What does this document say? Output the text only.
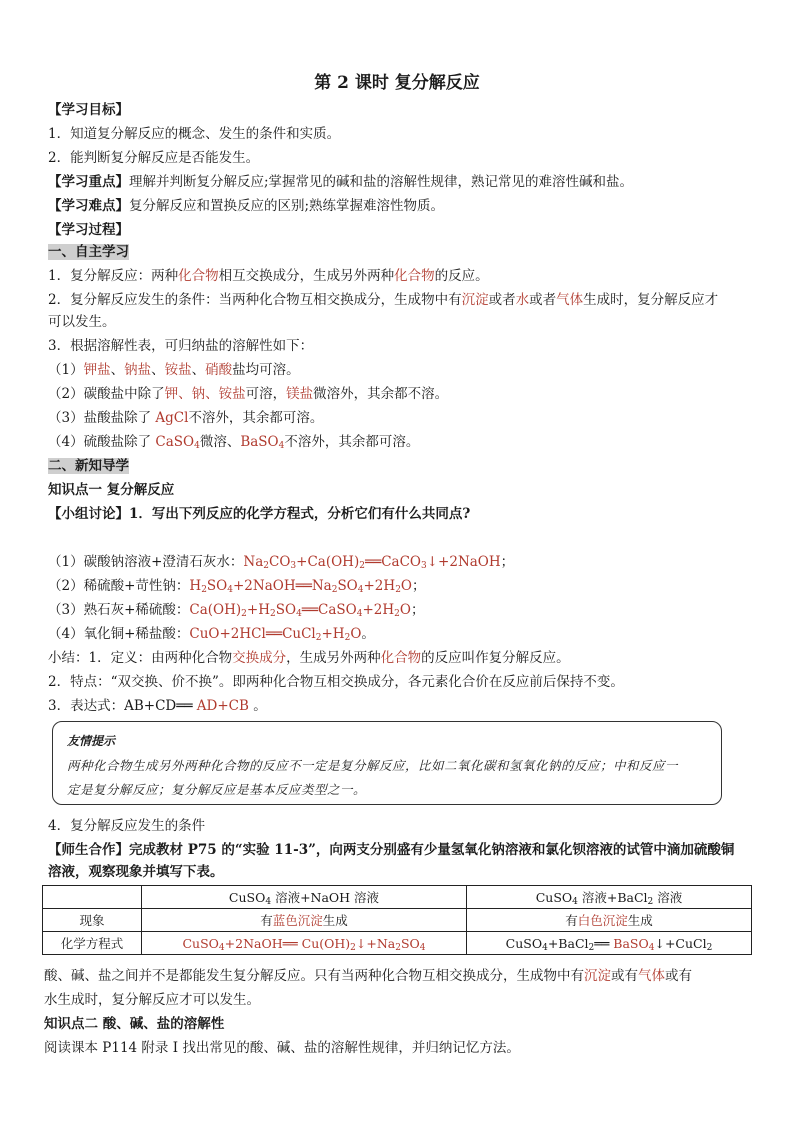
第 2 课时 复分解反应
【学习目标】
1．知道复分解反应的概念、发生的条件和实质。
2．能判断复分解反应是否能发生。
【学习重点】理解并判断复分解反应;掌握常见的碱和盐的溶解性规律，熟记常见的难溶性碱和盐。
【学习难点】复分解反应和置换反应的区别;熟练掌握难溶性物质。
【学习过程】
一、自主学习
1．复分解反应：两种化合物相互交换成分，生成另外两种化合物的反应。
2．复分解反应发生的条件：当两种化合物互相交换成分，生成物中有沉淀或者水或者气体生成时，复分解反应才
可以发生。
3．根据溶解性表，可归纳盐的溶解性如下：
（1）钾盐、钠盐、铵盐、硝酸盐均可溶。
（2）碳酸盐中除了钾、钠、铵盐可溶，镁盐微溶外，其余都不溶。
（3）盐酸盐除了 AgCl不溶外，其余都可溶。
（4）硫酸盐除了 CaSO$_4$微溶、BaSO$_4$不溶外，其余都可溶。
二、新知导学
知识点一 复分解反应
【小组讨论】1．写出下列反应的化学方程式，分析它们有什么共同点?
（1）碳酸钠溶液+澄清石灰水：$Na_2CO_3+Ca(OH)_2══CaCO_3↓+2NaOH$；
（2）稀硫酸+苛性钠：$H_2SO_4+2NaOH══Na_2SO_4+2H_2O$；
（3）熟石灰+稀硫酸：$Ca(OH)_2+H_2SO_4══CaSO_4+2H_2O$；
（4）氧化铜+稀盐酸：$CuO+2HCl══CuCl_2+H_2O$。
小结：1．定义：由两种化合物交换成分，生成另外两种化合物的反应叫作复分解反应。
2．特点：“双交换、价不换”。即两种化合物互相交换成分，各元素化合价在反应前后保持不变。
3．表达式：AB+CD══ AD+CB 。
友情提示
两种化合物生成另外两种化合物的反应不一定是复分解反应，比如二氧化碳和氢氧化钠的反应；中和反应一
定是复分解反应；复分解反应是基本反应类型之一。
4．复分解反应发生的条件
【师生合作】完成教材 P75 的“实验 11-3”，向两支分别盛有少量氢氧化钠溶液和氯化钡溶液的试管中滴加硫酸铜
溶液，观察现象并填写下表。
	CuSO$_4$ 溶液+NaOH 溶液	CuSO$_4$ 溶液+BaCl$_2$ 溶液
现象	有蓝色沉淀生成	有白色沉淀生成
化学方程式	CuSO$_4$+2NaOH══ $Cu(OH)_2↓+Na_2SO_4$	CuSO$_4$+BaCl$_2$══ BaSO$_4$↓+CuCl$_2$
酸、碱、盐之间并不是都能发生复分解反应。只有当两种化合物互相交换成分，生成物中有沉淀或有气体或有
水生成时，复分解反应才可以发生。
知识点二 酸、碱、盐的溶解性
阅读课本 P114 附录 Ⅰ 找出常见的酸、碱、盐的溶解性规律，并归纳记忆方法。
